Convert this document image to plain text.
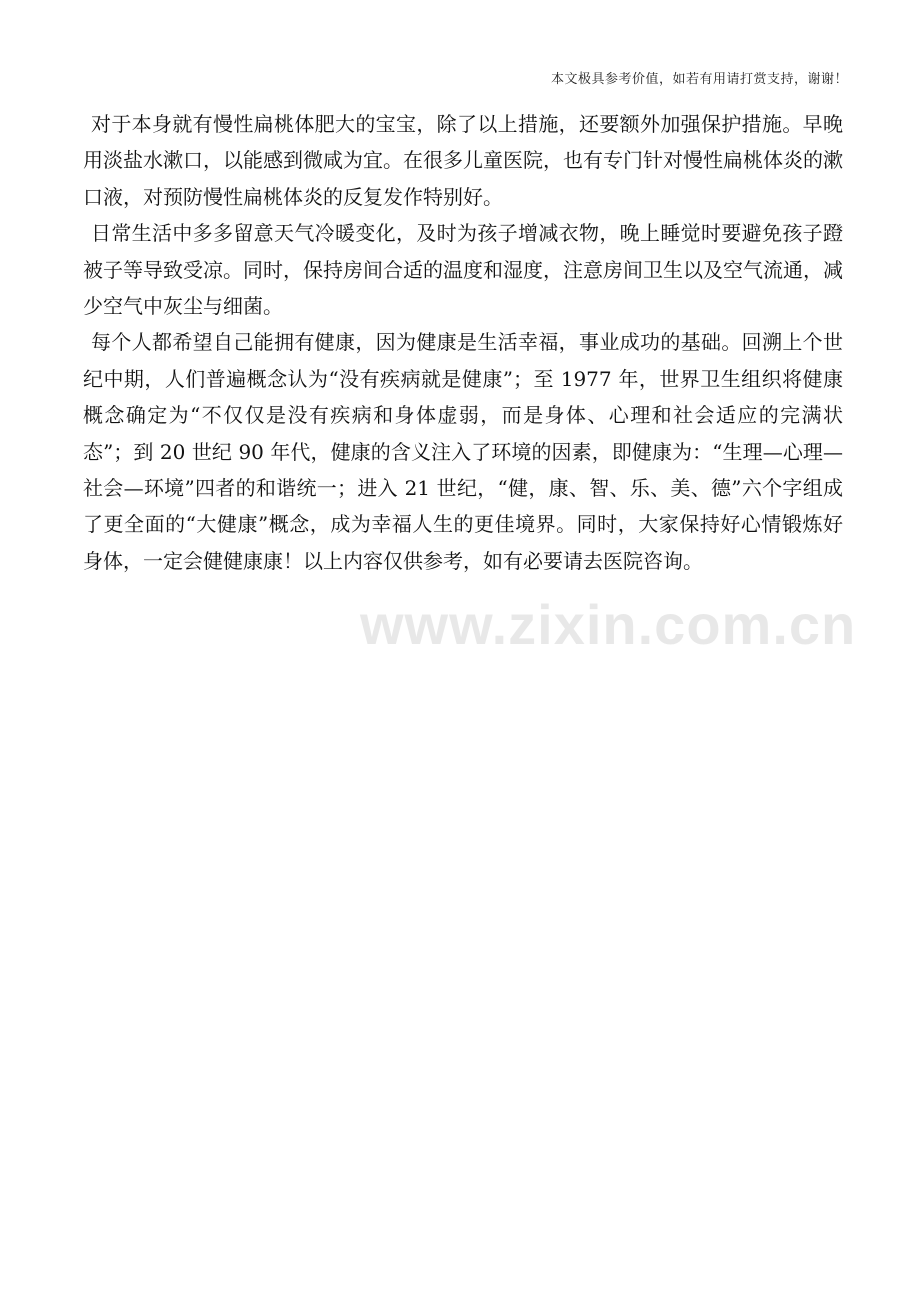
本文极具参考价值，如若有用请打赏支持，谢谢！

对于本身就有慢性扁桃体肥大的宝宝，除了以上措施，还要额外加强保护措施。早晚用淡盐水漱口，以能感到微咸为宜。在很多儿童医院，也有专门针对慢性扁桃体炎的漱口液，对预防慢性扁桃体炎的反复发作特别好。

日常生活中多多留意天气冷暖变化，及时为孩子增减衣物，晚上睡觉时要避免孩子蹬被子等导致受凉。同时，保持房间合适的温度和湿度，注意房间卫生以及空气流通，减少空气中灰尘与细菌。

每个人都希望自己能拥有健康，因为健康是生活幸福，事业成功的基础。回溯上个世纪中期，人们普遍概念认为“没有疾病就是健康”；至 1977 年，世界卫生组织将健康概念确定为“不仅仅是没有疾病和身体虚弱，而是身体、心理和社会适应的完满状态”；到 20 世纪 90 年代，健康的含义注入了环境的因素，即健康为：“生理—心理—社会—环境”四者的和谐统一；进入 21 世纪，“健，康、智、乐、美、德”六个字组成了更全面的“大健康”概念，成为幸福人生的更佳境界。同时，大家保持好心情锻炼好身体，一定会健健康康！以上内容仅供参考，如有必要请去医院咨询。

www.zixin.com.cn
